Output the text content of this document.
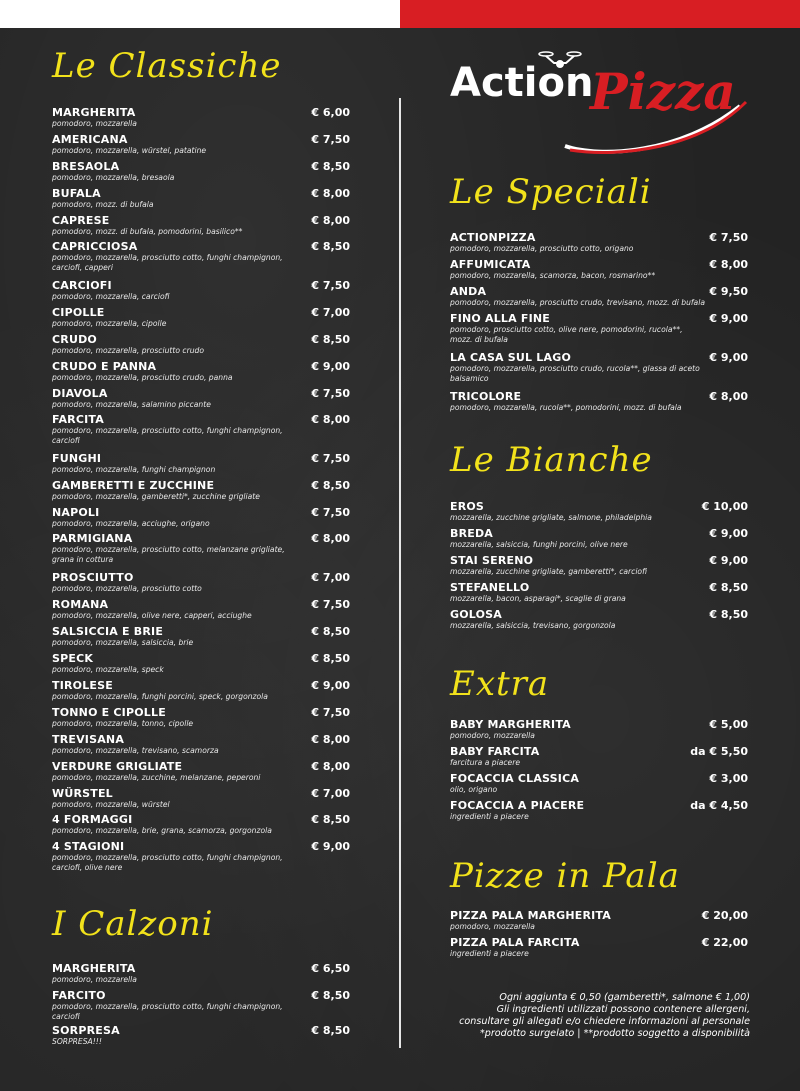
Action
Pizza
Le Classiche
MARGHERITA
pomodoro, mozzarella
€ 6,00
AMERICANA
pomodoro, mozzarella, würstel, patatine
€ 7,50
BRESAOLA
pomodoro, mozzarella, bresaola
€ 8,50
BUFALA
pomodoro, mozz. di bufala
€ 8,00
CAPRESE
pomodoro, mozz. di bufala, pomodorini, basilico**
€ 8,00
CAPRICCIOSA
pomodoro, mozzarella, prosciutto cotto, funghi champignon, carciofi, capperi
€ 8,50
CARCIOFI
pomodoro, mozzarella, carciofi
€ 7,50
CIPOLLE
pomodoro, mozzarella, cipolle
€ 7,00
CRUDO
pomodoro, mozzarella, prosciutto crudo
€ 8,50
CRUDO E PANNA
pomodoro, mozzarella, prosciutto crudo, panna
€ 9,00
DIAVOLA
pomodoro, mozzarella, salamino piccante
€ 7,50
FARCITA
pomodoro, mozzarella, prosciutto cotto, funghi champignon, carciofi
€ 8,00
FUNGHI
pomodoro, mozzarella, funghi champignon
€ 7,50
GAMBERETTI E ZUCCHINE
pomodoro, mozzarella, gamberetti*, zucchine grigliate
€ 8,50
NAPOLI
pomodoro, mozzarella, acciughe, origano
€ 7,50
PARMIGIANA
pomodoro, mozzarella, prosciutto cotto, melanzane grigliate, grana in cottura
€ 8,00
PROSCIUTTO
pomodoro, mozzarella, prosciutto cotto
€ 7,00
ROMANA
pomodoro, mozzarella, olive nere, capperi, acciughe
€ 7,50
SALSICCIA E BRIE
pomodoro, mozzarella, salsiccia, brie
€ 8,50
SPECK
pomodoro, mozzarella, speck
€ 8,50
TIROLESE
pomodoro, mozzarella, funghi porcini, speck, gorgonzola
€ 9,00
TONNO E CIPOLLE
pomodoro, mozzarella, tonno, cipolle
€ 7,50
TREVISANA
pomodoro, mozzarella, trevisano, scamorza
€ 8,00
VERDURE GRIGLIATE
pomodoro, mozzarella, zucchine, melanzane, peperoni
€ 8,00
WÜRSTEL
pomodoro, mozzarella, würstel
€ 7,00
4 FORMAGGI
pomodoro, mozzarella, brie, grana, scamorza, gorgonzola
€ 8,50
4 STAGIONI
pomodoro, mozzarella, prosciutto cotto, funghi champignon, carciofi, olive nere
€ 9,00
I Calzoni
MARGHERITA
pomodoro, mozzarella
€ 6,50
FARCITO
pomodoro, mozzarella, prosciutto cotto, funghi champignon, carciofi
€ 8,50
SORPRESA
SORPRESA!!!
€ 8,50
Le Speciali
ACTIONPIZZA
pomodoro, mozzarella, prosciutto cotto, origano
€ 7,50
AFFUMICATA
pomodoro, mozzarella, scamorza, bacon, rosmarino**
€ 8,00
ANDA
pomodoro, mozzarella, prosciutto crudo, trevisano, mozz. di bufala
€ 9,50
FINO ALLA FINE
pomodoro, prosciutto cotto, olive nere, pomodorini, rucola**, mozz. di bufala
€ 9,00
LA CASA SUL LAGO
pomodoro, mozzarella, prosciutto crudo, rucola**, glassa di aceto balsamico
€ 9,00
TRICOLORE
pomodoro, mozzarella, rucola**, pomodorini, mozz. di bufala
€ 8,00
Le Bianche
EROS
mozzarella, zucchine grigliate, salmone, philadelphia
€ 10,00
BREDA
mozzarella, salsiccia, funghi porcini, olive nere
€ 9,00
STAI SERENO
mozzarella, zucchine grigliate, gamberetti*, carciofi
€ 9,00
STEFANELLO
mozzarella, bacon, asparagi*, scaglie di grana
€ 8,50
GOLOSA
mozzarella, salsiccia, trevisano, gorgonzola
€ 8,50
Extra
BABY MARGHERITA
pomodoro, mozzarella
€ 5,00
BABY FARCITA
farcitura a piacere
da € 5,50
FOCACCIA CLASSICA
olio, origano
€ 3,00
FOCACCIA A PIACERE
ingredienti a piacere
da € 4,50
Pizze in Pala
PIZZA PALA MARGHERITA
pomodoro, mozzarella
€ 20,00
PIZZA PALA FARCITA
ingredienti a piacere
€ 22,00
Ogni aggiunta € 0,50 (gamberetti*, salmone € 1,00)
Gli ingredienti utilizzati possono contenere allergeni,
consultare gli allegati e/o chiedere informazioni al personale
*prodotto surgelato | **prodotto soggetto a disponibilità
